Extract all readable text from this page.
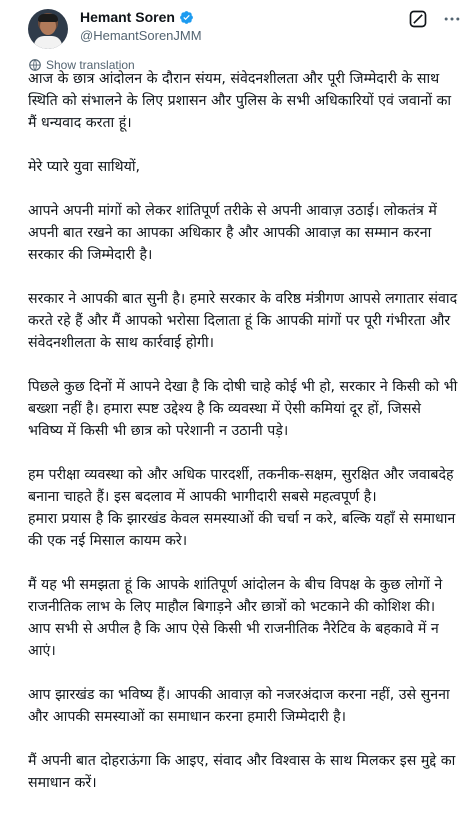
Hemant Soren
@HemantSorenJMM
Show translation

आज के छात्र आंदोलन के दौरान संयम, संवेदनशीलता और पूरी जिम्मेदारी के साथ स्थिति को संभालने के लिए प्रशासन और पुलिस के सभी अधिकारियों एवं जवानों का मैं धन्यवाद करता हूं।

मेरे प्यारे युवा साथियों,

आपने अपनी मांगों को लेकर शांतिपूर्ण तरीके से अपनी आवाज़ उठाई। लोकतंत्र में अपनी बात रखने का आपका अधिकार है और आपकी आवाज़ का सम्मान करना सरकार की जिम्मेदारी है।

सरकार ने आपकी बात सुनी है। हमारे सरकार के वरिष्ठ मंत्रीगण आपसे लगातार संवाद करते रहे हैं और मैं आपको भरोसा दिलाता हूं कि आपकी मांगों पर पूरी गंभीरता और संवेदनशीलता के साथ कार्रवाई होगी।

पिछले कुछ दिनों में आपने देखा है कि दोषी चाहे कोई भी हो, सरकार ने किसी को भी बख्शा नहीं है। हमारा स्पष्ट उद्देश्य है कि व्यवस्था में ऐसी कमियां दूर हों, जिससे भविष्य में किसी भी छात्र को परेशानी न उठानी पड़े।

हम परीक्षा व्यवस्था को और अधिक पारदर्शी, तकनीक-सक्षम, सुरक्षित और जवाबदेह बनाना चाहते हैं। इस बदलाव में आपकी भागीदारी सबसे महत्वपूर्ण है।

हमारा प्रयास है कि झारखंड केवल समस्याओं की चर्चा न करे, बल्कि यहाँ से समाधान की एक नई मिसाल कायम करे।

मैं यह भी समझता हूं कि आपके शांतिपूर्ण आंदोलन के बीच विपक्ष के कुछ लोगों ने राजनीतिक लाभ के लिए माहौल बिगाड़ने और छात्रों को भटकाने की कोशिश की। आप सभी से अपील है कि आप ऐसे किसी भी राजनीतिक नैरेटिव के बहकावे में न आएं।

आप झारखंड का भविष्य हैं। आपकी आवाज़ को नजरअंदाज करना नहीं, उसे सुनना और आपकी समस्याओं का समाधान करना हमारी जिम्मेदारी है।

मैं अपनी बात दोहराऊंगा कि आइए, संवाद और विश्वास के साथ मिलकर इस मुद्दे का समाधान करें।
